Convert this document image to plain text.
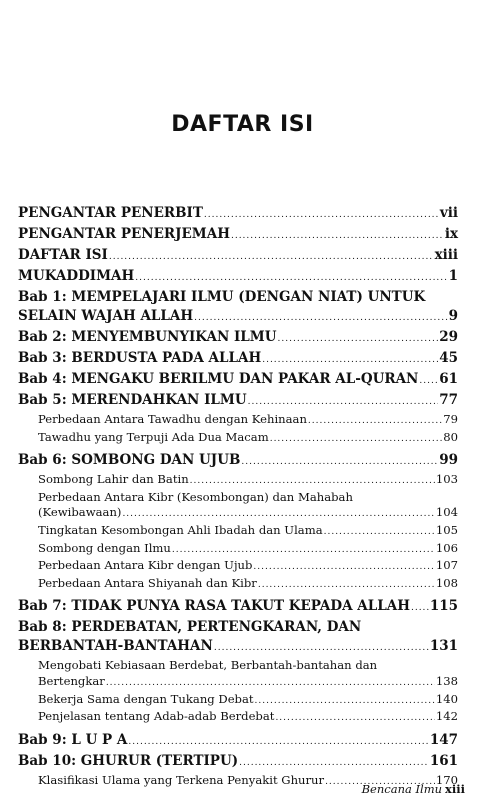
DAFTAR ISI
PENGANTAR PENERBIT .....	vii
PENGANTAR PENERJEMAH .....	ix
DAFTAR ISI .....	xiii
MUKADDIMAH .....	1
Bab 1: MEMPELAJARI ILMU (DENGAN NIAT) UNTUK
SELAIN WAJAH ALLAH .....	9
Bab 2: MENYEMBUNYIKAN ILMU .....	29
Bab 3: BERDUSTA PADA ALLAH .....	45
Bab 4: MENGAKU BERILMU DAN PAKAR AL-QURAN ..... 61
Bab 5: MERENDAHKAN ILMU .....	77
Perbedaan Antara Tawadhu dengan Kehinaan .....	79
Tawadhu yang Terpuji Ada Dua Macam .....	80
Bab 6: SOMBONG DAN UJUB .....	99
Sombong Lahir dan Batin .....	103
Perbedaan Antara Kibr (Kesombongan) dan Mahabah
(Kewibawaan) .....	104
Tingkatan Kesombongan Ahli Ibadah dan Ulama .....	105
Sombong dengan Ilmu .....	106
Perbedaan Antara Kibr dengan Ujub .....	107
Perbedaan Antara Shiyanah dan Kibr .....	108
Bab 7: TIDAK PUNYA RASA TAKUT KEPADA ALLAH ..... 115
Bab 8: PERDEBATAN, PERTENGKARAN, DAN
BERBANTAH-BANTAHAN .....	131
Mengobati Kebiasaan Berdebat, Berbantah-bantahan dan
Bertengkar .....	138
Bekerja Sama dengan Tukang Debat .....	140
Penjelasan tentang Adab-adab Berdebat .....	142
Bab 9: L U P A .....	147
Bab 10: GHURUR (TERTIPU) .....	161
Klasifikasi Ulama yang Terkena Penyakit Ghurur .....	170
Bencana Ilmu xiii
